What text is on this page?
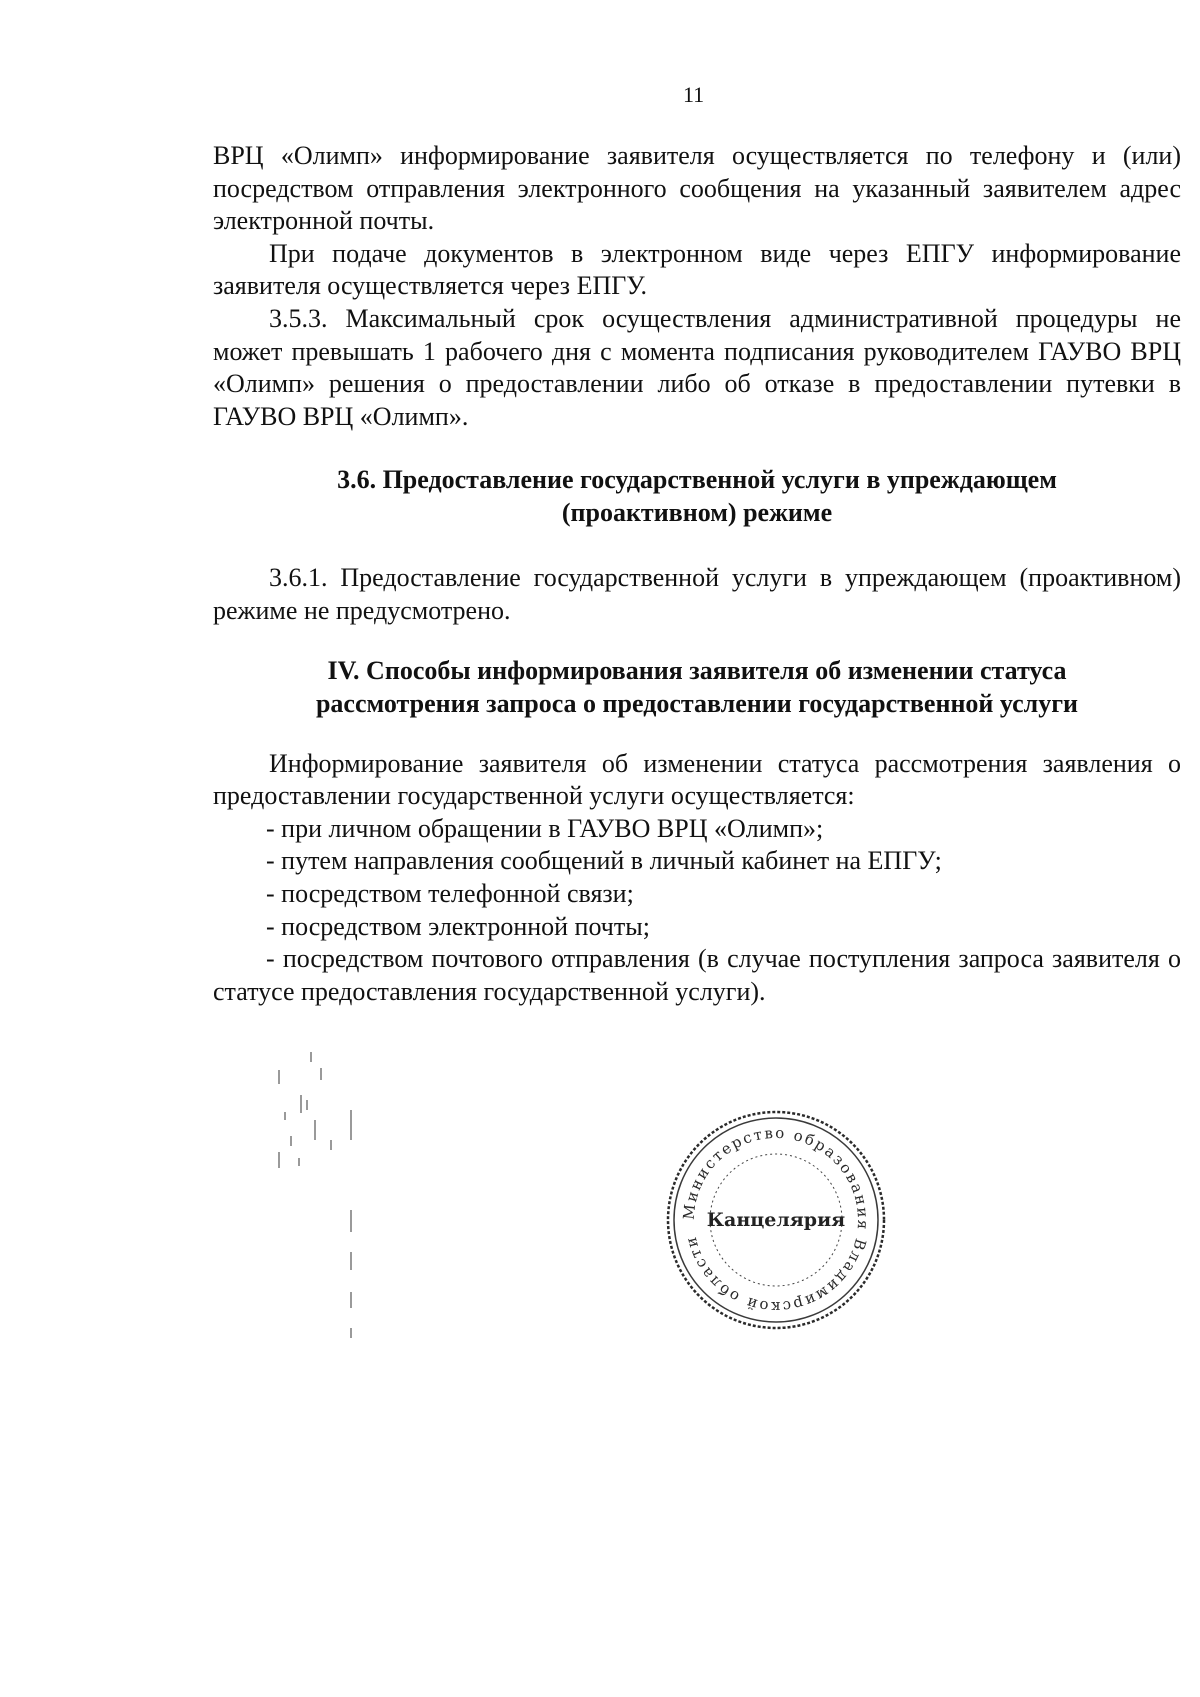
11

ВРЦ «Олимп» информирование заявителя осуществляется по телефону и (или) посредством отправления электронного сообщения на указанный заявителем адрес электронной почты.

При подаче документов в электронном виде через ЕПГУ информирование заявителя осуществляется через ЕПГУ.

3.5.3. Максимальный срок осуществления административной процедуры не может превышать 1 рабочего дня с момента подписания руководителем ГАУВО ВРЦ «Олимп» решения о предоставлении либо об отказе в предоставлении путевки в ГАУВО ВРЦ «Олимп».

3.6. Предоставление государственной услуги в упреждающем

(проактивном) режиме

3.6.1. Предоставление государственной услуги в упреждающем (проактивном) режиме не предусмотрено.

IV. Способы информирования заявителя об изменении статуса

рассмотрения запроса о предоставлении государственной услуги

Информирование заявителя об изменении статуса рассмотрения заявления о предоставлении государственной услуги осуществляется:

- при личном обращении в ГАУВО ВРЦ «Олимп»;

- путем направления сообщений в личный кабинет на ЕПГУ;

- посредством телефонной связи;

- посредством электронной почты;

- посредством почтового отправления (в случае поступления запроса заявителя о статусе предоставления государственной услуги).

Министерство образования Владимирской области
Канцелярия
